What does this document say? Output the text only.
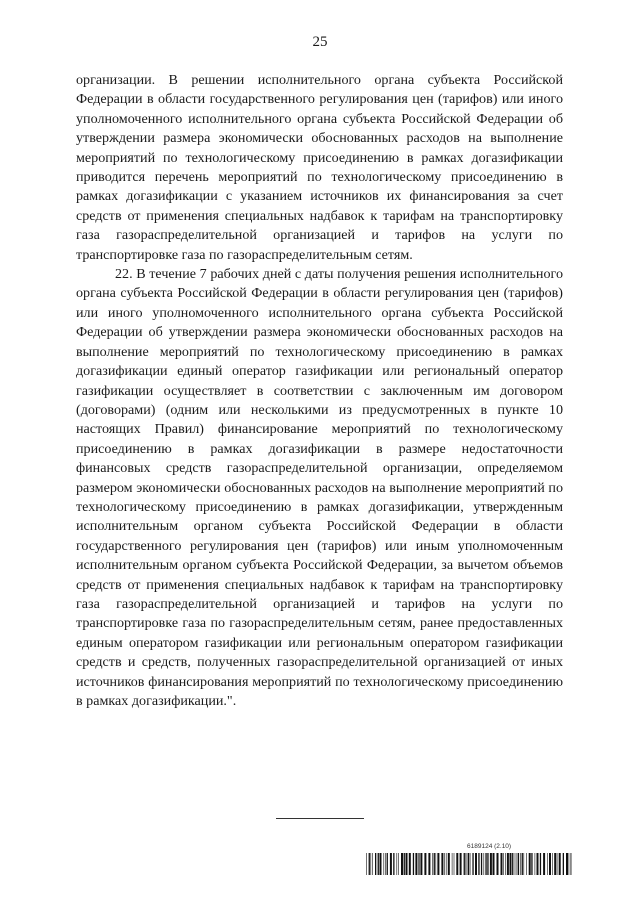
25

организации. В решении исполнительного органа субъекта Российской Федерации в области государственного регулирования цен (тарифов) или иного уполномоченного исполнительного органа субъекта Российской Федерации об утверждении размера экономически обоснованных расходов на выполнение мероприятий по технологическому присоединению в рамках догазификации приводится перечень мероприятий по технологическому присоединению в рамках догазификации с указанием источников их финансирования за счет средств от применения специальных надбавок к тарифам на транспортировку газа газораспределительной организацией и тарифов на услуги по транспортировке газа по газораспределительным сетям.

22. В течение 7 рабочих дней с даты получения решения исполнительного органа субъекта Российской Федерации в области регулирования цен (тарифов) или иного уполномоченного исполнительного органа субъекта Российской Федерации об утверждении размера экономически обоснованных расходов на выполнение мероприятий по технологическому присоединению в рамках догазификации единый оператор газификации или региональный оператор газификации осуществляет в соответствии с заключенным им договором (договорами) (одним или несколькими из предусмотренных в пункте 10 настоящих Правил) финансирование мероприятий по технологическому присоединению в рамках догазификации в размере недостаточности финансовых средств газораспределительной организации, определяемом размером экономически обоснованных расходов на выполнение мероприятий по технологическому присоединению в рамках догазификации, утвержденным исполнительным органом субъекта Российской Федерации в области государственного регулирования цен (тарифов) или иным уполномоченным исполнительным органом субъекта Российской Федерации, за вычетом объемов средств от применения специальных надбавок к тарифам на транспортировку газа газораспределительной организацией и тарифов на услуги по транспортировке газа по газораспределительным сетям, ранее предоставленных единым оператором газификации или региональным оператором газификации средств и средств, полученных газораспределительной организацией от иных источников финансирования мероприятий по технологическому присоединению в рамках догазификации.".

6189124 (2.10)
